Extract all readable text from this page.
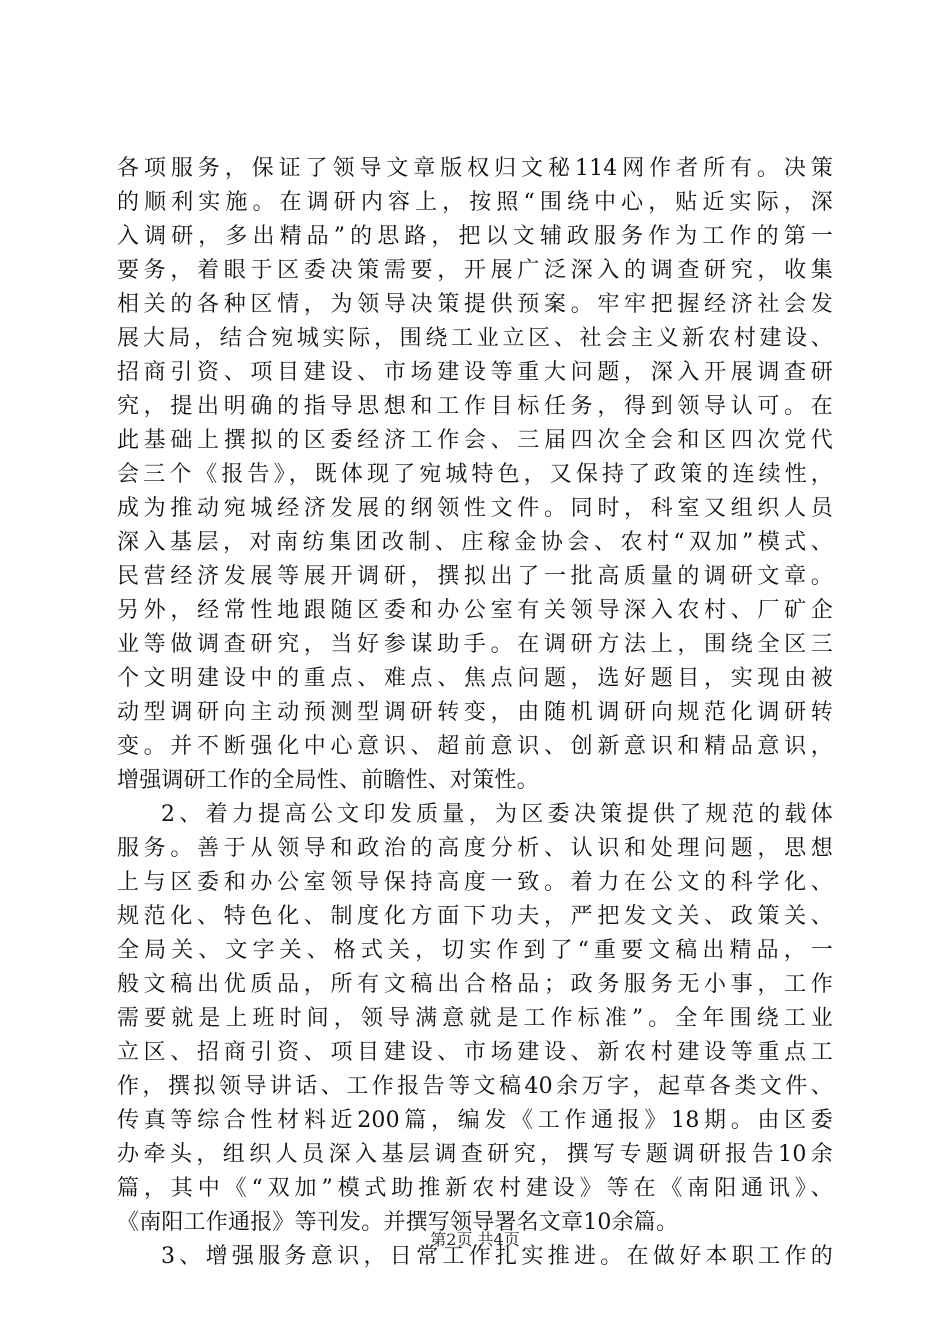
各项服务，保证了领导文章版权归文秘114网作者所有。决策
的顺利实施。在调研内容上，按照“围绕中心，贴近实际，深
入调研，多出精品”的思路，把以文辅政服务作为工作的第一
要务，着眼于区委决策需要，开展广泛深入的调查研究，收集
相关的各种区情，为领导决策提供预案。牢牢把握经济社会发
展大局，结合宛城实际，围绕工业立区、社会主义新农村建设、
招商引资、项目建设、市场建设等重大问题，深入开展调查研
究，提出明确的指导思想和工作目标任务，得到领导认可。在
此基础上撰拟的区委经济工作会、三届四次全会和区四次党代
会三个《报告》，既体现了宛城特色，又保持了政策的连续性，
成为推动宛城经济发展的纲领性文件。同时，科室又组织人员
深入基层，对南纺集团改制、庄稼金协会、农村“双加”模式、
民营经济发展等展开调研，撰拟出了一批高质量的调研文章。
另外，经常性地跟随区委和办公室有关领导深入农村、厂矿企
业等做调查研究，当好参谋助手。在调研方法上，围绕全区三
个文明建设中的重点、难点、焦点问题，选好题目，实现由被
动型调研向主动预测型调研转变，由随机调研向规范化调研转
变。并不断强化中心意识、超前意识、创新意识和精品意识，
增强调研工作的全局性、前瞻性、对策性。
2、着力提高公文印发质量，为区委决策提供了规范的载体
服务。善于从领导和政治的高度分析、认识和处理问题，思想
上与区委和办公室领导保持高度一致。着力在公文的科学化、
规范化、特色化、制度化方面下功夫，严把发文关、政策关、
全局关、文字关、格式关，切实作到了“重要文稿出精品，一
般文稿出优质品，所有文稿出合格品；政务服务无小事，工作
需要就是上班时间，领导满意就是工作标准”。全年围绕工业
立区、招商引资、项目建设、市场建设、新农村建设等重点工
作，撰拟领导讲话、工作报告等文稿40余万字，起草各类文件、
传真等综合性材料近200篇，编发《工作通报》18期。由区委
办牵头，组织人员深入基层调查研究，撰写专题调研报告10余
篇，其中《“双加”模式助推新农村建设》等在《南阳通讯》、
《南阳工作通报》等刊发。并撰写领导署名文章10余篇。
3、增强服务意识，日常工作扎实推进。在做好本职工作的
第2页 共4页
